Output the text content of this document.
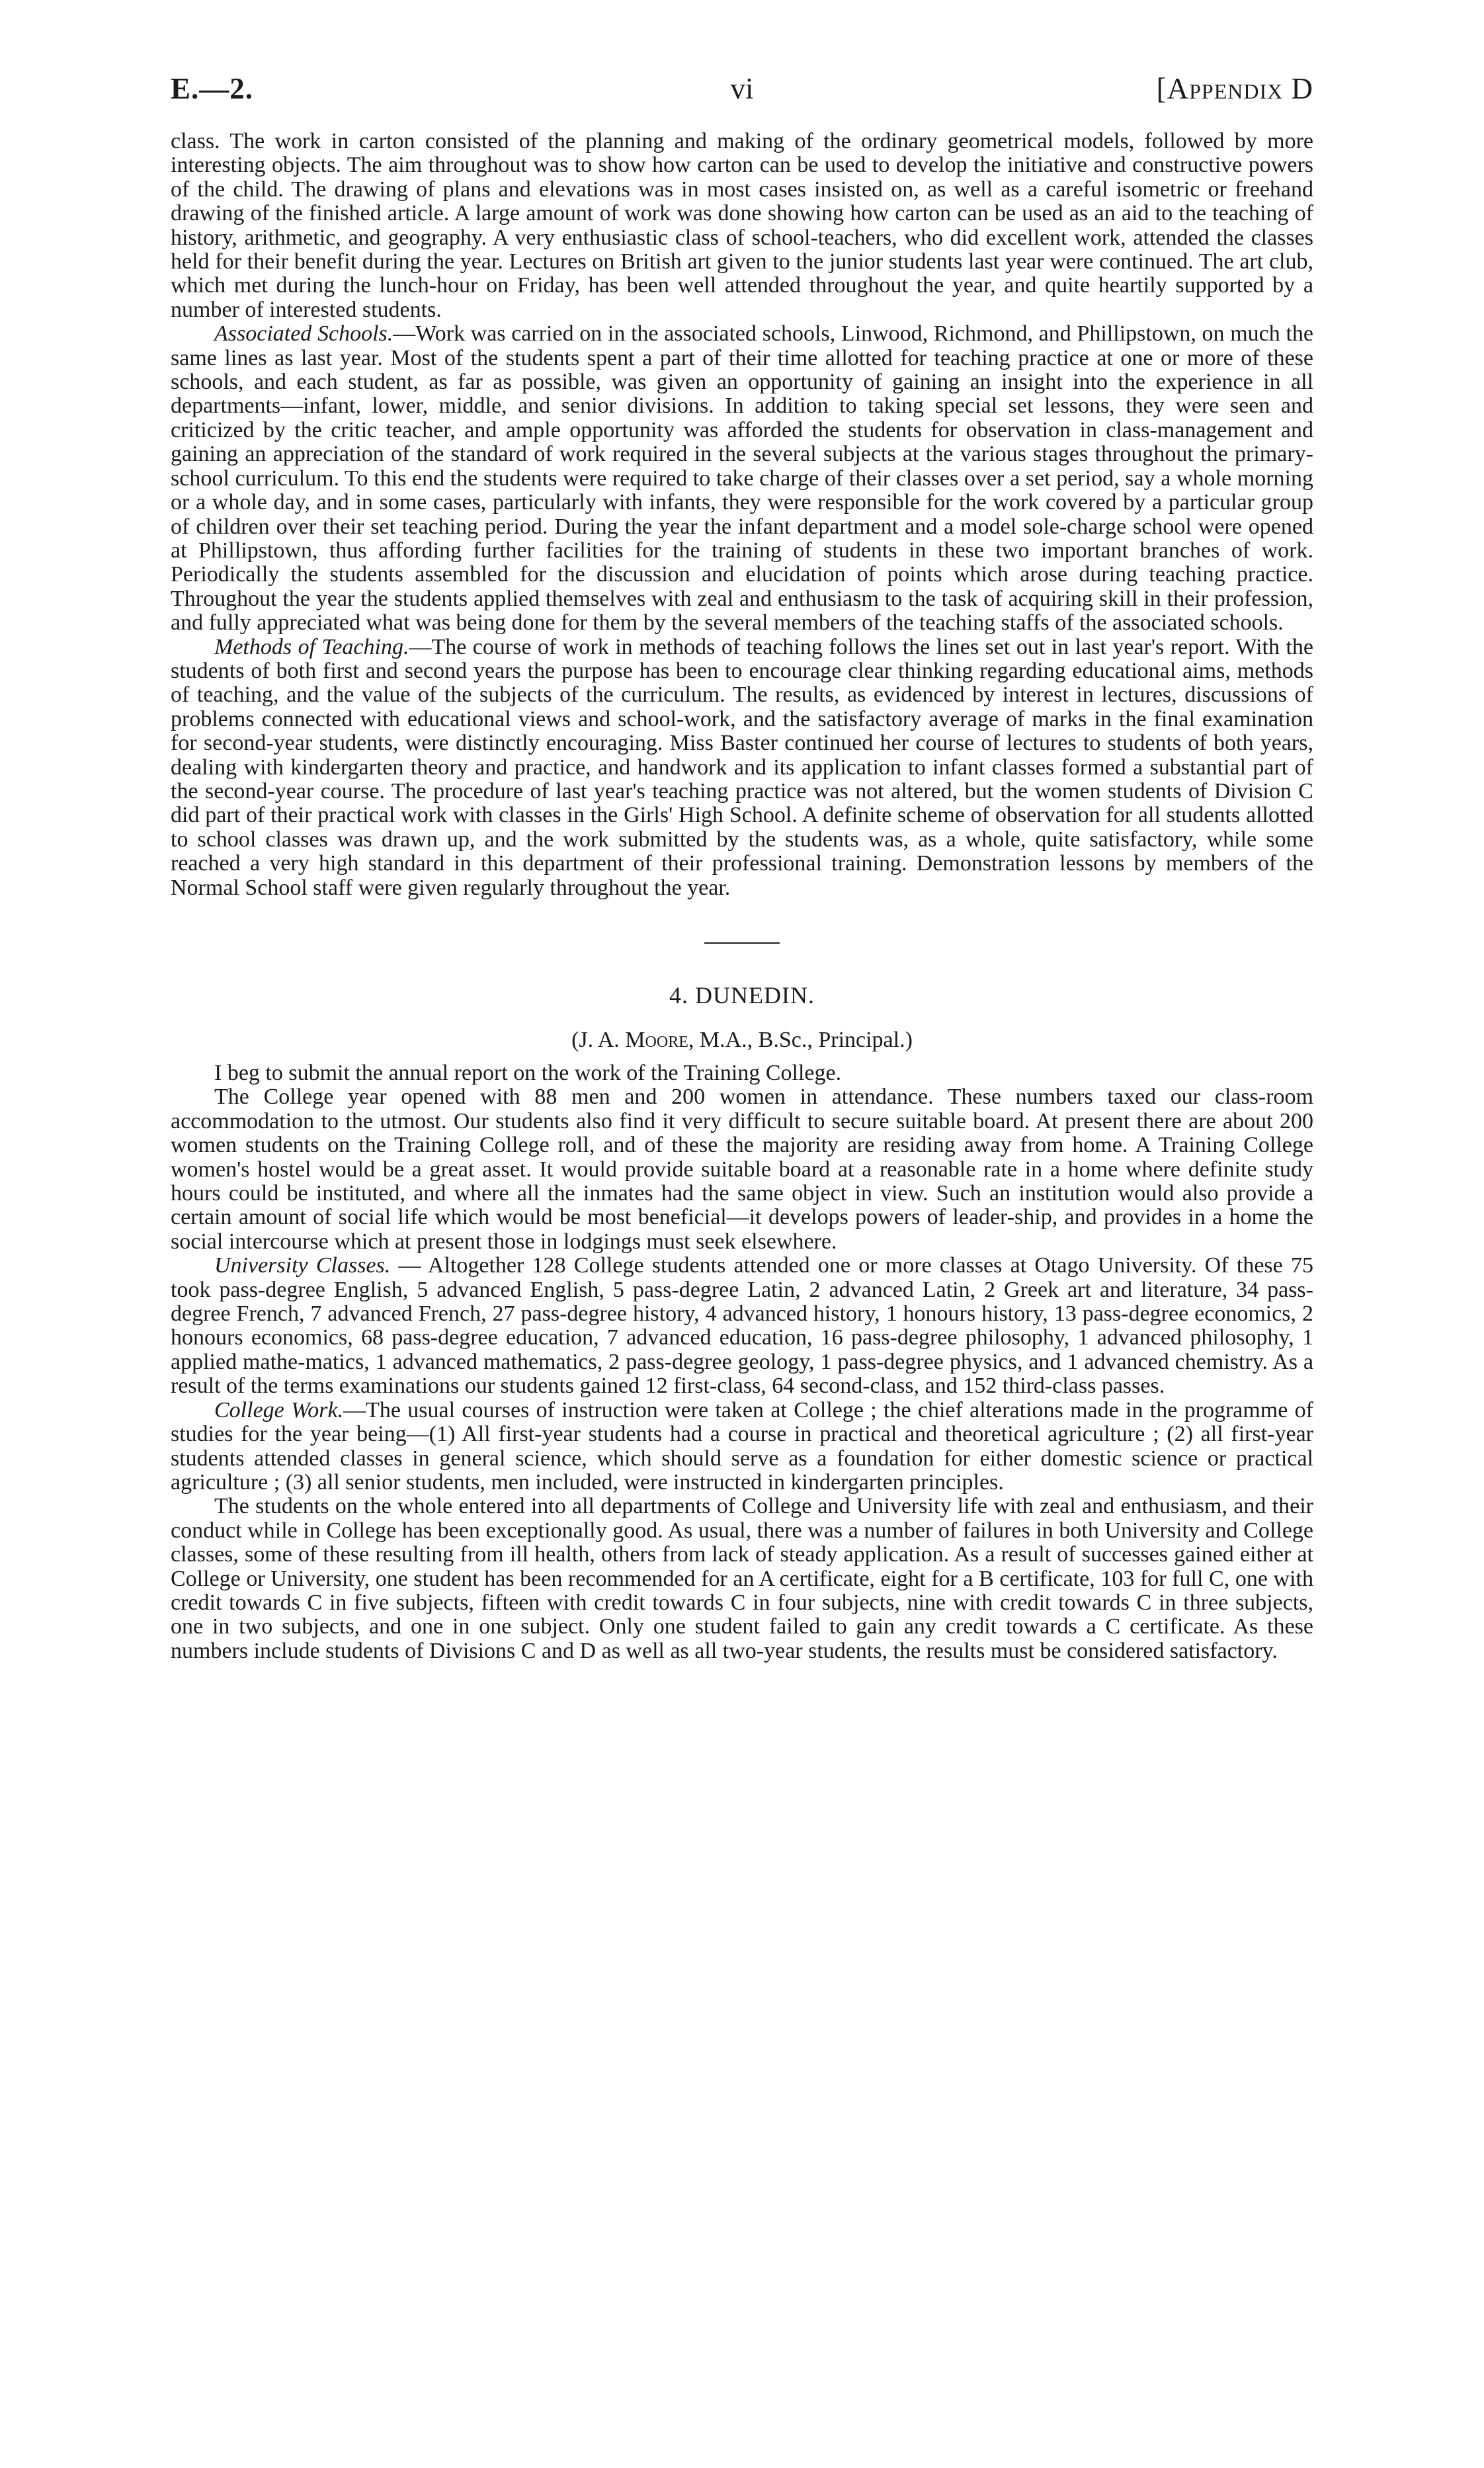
E.—2.	vi	[Appendix D

class. The work in carton consisted of the planning and making of the ordinary geometrical models, followed by more interesting objects. The aim throughout was to show how carton can be used to develop the initiative and constructive powers of the child. The drawing of plans and elevations was in most cases insisted on, as well as a careful isometric or freehand drawing of the finished article. A large amount of work was done showing how carton can be used as an aid to the teaching of history, arithmetic, and geography. A very enthusiastic class of school-teachers, who did excellent work, attended the classes held for their benefit during the year. Lectures on British art given to the junior students last year were continued. The art club, which met during the lunch-hour on Friday, has been well attended throughout the year, and quite heartily supported by a number of interested students.

Associated Schools.—Work was carried on in the associated schools, Linwood, Richmond, and Phillipstown, on much the same lines as last year. Most of the students spent a part of their time allotted for teaching practice at one or more of these schools, and each student, as far as possible, was given an opportunity of gaining an insight into the experience in all departments—infant, lower, middle, and senior divisions. In addition to taking special set lessons, they were seen and criticized by the critic teacher, and ample opportunity was afforded the students for observation in class-management and gaining an appreciation of the standard of work required in the several subjects at the various stages throughout the primary-school curriculum. To this end the students were required to take charge of their classes over a set period, say a whole morning or a whole day, and in some cases, particularly with infants, they were responsible for the work covered by a particular group of children over their set teaching period. During the year the infant department and a model sole-charge school were opened at Phillipstown, thus affording further facilities for the training of students in these two important branches of work. Periodically the students assembled for the discussion and elucidation of points which arose during teaching practice. Throughout the year the students applied themselves with zeal and enthusiasm to the task of acquiring skill in their profession, and fully appreciated what was being done for them by the several members of the teaching staffs of the associated schools.

Methods of Teaching.—The course of work in methods of teaching follows the lines set out in last year's report. With the students of both first and second years the purpose has been to encourage clear thinking regarding educational aims, methods of teaching, and the value of the subjects of the curriculum. The results, as evidenced by interest in lectures, discussions of problems connected with educational views and school-work, and the satisfactory average of marks in the final examination for second-year students, were distinctly encouraging. Miss Baster continued her course of lectures to students of both years, dealing with kindergarten theory and practice, and handwork and its application to infant classes formed a substantial part of the second-year course. The procedure of last year's teaching practice was not altered, but the women students of Division C did part of their practical work with classes in the Girls' High School. A definite scheme of observation for all students allotted to school classes was drawn up, and the work submitted by the students was, as a whole, quite satisfactory, while some reached a very high standard in this department of their professional training. Demonstration lessons by members of the Normal School staff were given regularly throughout the year.

4. DUNEDIN.
(J. A. Moore, M.A., B.Sc., Principal.)

I beg to submit the annual report on the work of the Training College.

The College year opened with 88 men and 200 women in attendance. These numbers taxed our class-room accommodation to the utmost. Our students also find it very difficult to secure suitable board. At present there are about 200 women students on the Training College roll, and of these the majority are residing away from home. A Training College women's hostel would be a great asset. It would provide suitable board at a reasonable rate in a home where definite study hours could be instituted, and where all the inmates had the same object in view. Such an institution would also provide a certain amount of social life which would be most beneficial—it develops powers of leader-ship, and provides in a home the social intercourse which at present those in lodgings must seek elsewhere.

University Classes. — Altogether 128 College students attended one or more classes at Otago University. Of these 75 took pass-degree English, 5 advanced English, 5 pass-degree Latin, 2 advanced Latin, 2 Greek art and literature, 34 pass-degree French, 7 advanced French, 27 pass-degree history, 4 advanced history, 1 honours history, 13 pass-degree economics, 2 honours economics, 68 pass-degree education, 7 advanced education, 16 pass-degree philosophy, 1 advanced philosophy, 1 applied mathe-matics, 1 advanced mathematics, 2 pass-degree geology, 1 pass-degree physics, and 1 advanced chemistry. As a result of the terms examinations our students gained 12 first-class, 64 second-class, and 152 third-class passes.

College Work.—The usual courses of instruction were taken at College ; the chief alterations made in the programme of studies for the year being—(1) All first-year students had a course in practical and theoretical agriculture ; (2) all first-year students attended classes in general science, which should serve as a foundation for either domestic science or practical agriculture ; (3) all senior students, men included, were instructed in kindergarten principles.

The students on the whole entered into all departments of College and University life with zeal and enthusiasm, and their conduct while in College has been exceptionally good. As usual, there was a number of failures in both University and College classes, some of these resulting from ill health, others from lack of steady application. As a result of successes gained either at College or University, one student has been recommended for an A certificate, eight for a B certificate, 103 for full C, one with credit towards C in five subjects, fifteen with credit towards C in four subjects, nine with credit towards C in three subjects, one in two subjects, and one in one subject. Only one student failed to gain any credit towards a C certificate. As these numbers include students of Divisions C and D as well as all two-year students, the results must be considered satisfactory.
